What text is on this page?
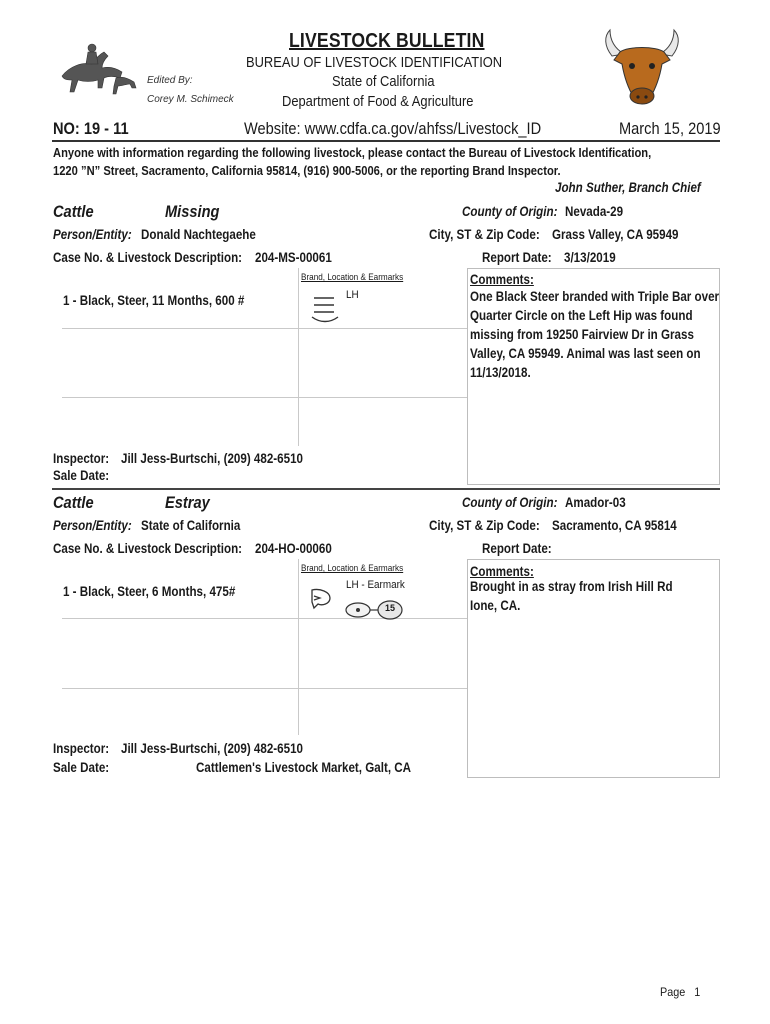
Edited By:
Corey M. Schimeck
LIVESTOCK BULLETIN
BUREAU OF LIVESTOCK IDENTIFICATION
State of California
Department of Food & Agriculture
NO: 19 - 11	Website: www.cdfa.ca.gov/ahfss/Livestock_ID	March 15, 2019
Anyone with information regarding the following livestock, please contact the Bureau of Livestock Identification,
1220 ”N” Street, Sacramento, California 95814, (916) 900-5006, or the reporting Brand Inspector.
John Suther, Branch Chief
Cattle	Missing	County of Origin: Nevada-29
Person/Entity: Donald Nachtegaehe	City, ST & Zip Code: Grass Valley, CA 95949
Case No. & Livestock Description: 204-MS-00061	Report Date: 3/13/2019
Brand, Location & Earmarks
LH
1 - Black, Steer, 11 Months, 600 #
Comments:
One Black Steer branded with Triple Bar over Quarter Circle on the Left Hip was found missing from 19250 Fairview Dr in Grass Valley, CA 95949. Animal was last seen on 11/13/2018.
Inspector: Jill Jess-Burtschi, (209) 482-6510
Sale Date:
Cattle	Estray	County of Origin: Amador-03
Person/Entity: State of California	City, ST & Zip Code: Sacramento, CA 95814
Case No. & Livestock Description: 204-HO-00060	Report Date:
Brand, Location & Earmarks
LH - Earmark
15
1 - Black, Steer, 6 Months, 475#
Comments:
Brought in as stray from Irish Hill Rd Ione, CA.
Inspector: Jill Jess-Burtschi, (209) 482-6510
Sale Date:	Cattlemen's Livestock Market, Galt, CA
Page   1
